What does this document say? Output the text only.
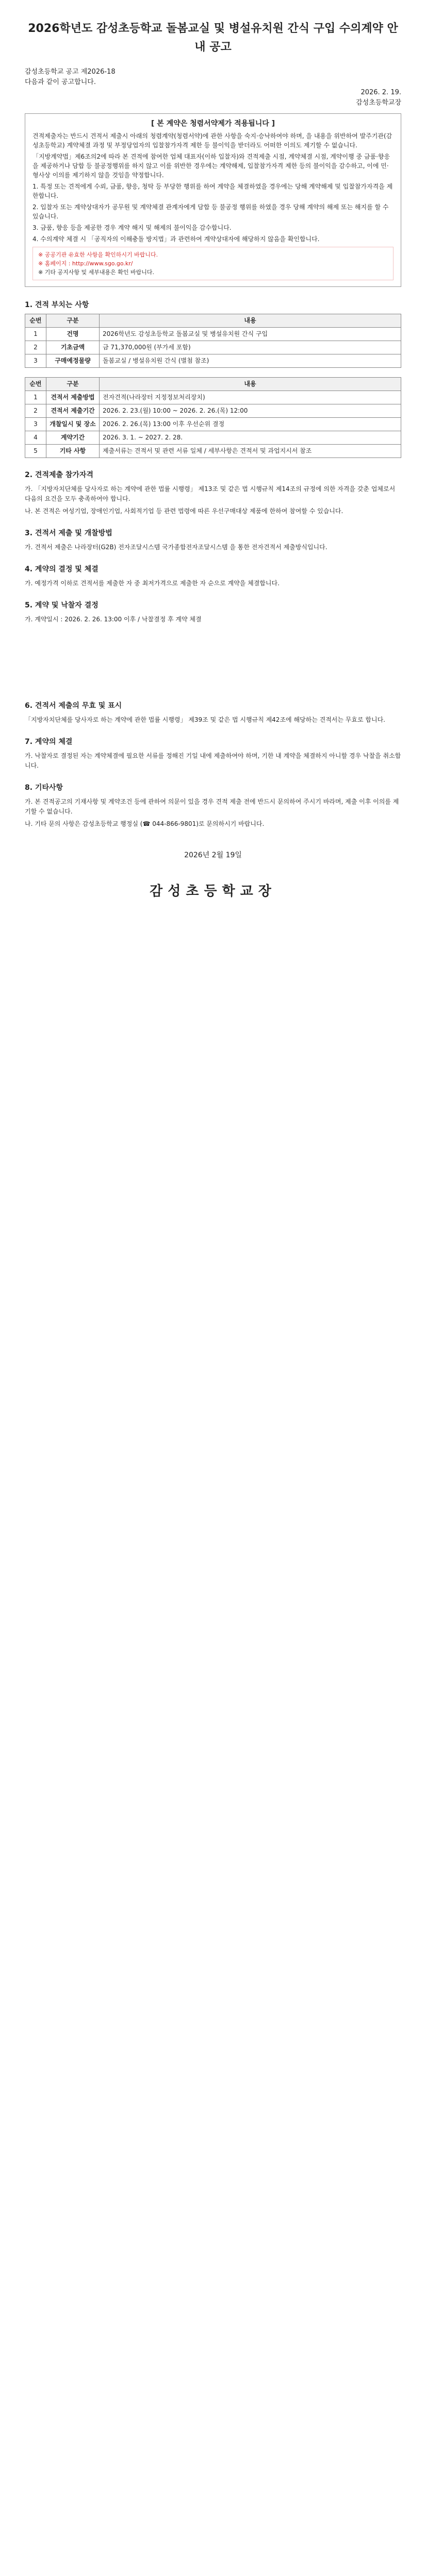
2026학년도 감성초등학교 돌봄교실 및 병설유치원 간식 구입 수의계약 안내 공고
감성초등학교 공고 제2026-18
다음과 같이 공고합니다.
2026. 2. 19.
감성초등학교장
[ 본 계약은 청렴서약제가 적용됩니다 ]

견적제출자는 반드시 견적서 제출시 아래의 청렴계약(청렴서약)에 관한 사항을 숙지·승낙하여야 하며, 을 내용을 위반하여 발주기관(감성초등학교) 계약체결 과정 및 부정당업자의 입찰참가자격 제한 등 불이익을 받더라도 어떠한 이의도 제기할 수 없습니다.

「지방계약법」제6조의2에 따라 본 견적에 참여한 업체 대표자(이하 입찰자)와 견적제출 시점, 계약체결 시점, 계약이행 중 금품·향응을 제공하거나 담합 등 불공정행위를 하지 않고 이를 위반한 경우에는 계약해제, 입찰참가자격 제한 등의 불이익을 감수하고, 이에 민·형사상 이의를 제기하지 않을 것임을 약정합니다.

1. 특정 또는 견적에게 수뢰, 금품, 향응, 청탁 등 부당한 행위를 하여 계약을 체결하였을 경우에는 당해 계약해제 및 입찰참가자격을 제한합니다.

2. 입찰자 또는 계약상대자가 공무원 및 계약체결 관계자에게 담합 등 불공정 행위를 하였을 경우 당해 계약의 해제 또는 해지를 할 수 있습니다.

3. 금품, 향응 등을 제공한 경우 계약 해지 및 해제의 불이익을 감수합니다.

4. 수의계약 체결 시 「공직자의 이해충돌 방지법」과 관련하여 계약상대자에 해당하지 않음을 확인합니다.

※ 공공기관 유효한 사항을 확인하시기 바랍니다.
※ 홈페이지 : http://www.sgo.go.kr/
※ 기타 공지사항 및 세부내용은 확인 바랍니다.
1. 견적 부치는 사항
순번	구분	내용
1	건명	2026학년도 감성초등학교 돌봄교실 및 병설유치원 간식 구입
2	기초금액	금 71,370,000원 (부가세 포함)
3	구매예정물량	돌봄교실 / 병설유치원 간식 (별첨 참조)
순번	구분	내용
1	견적서 제출방법	전자견적(나라장터 지정정보처리장치)
2	견적서 제출기간	2026. 2. 23.(월) 10:00 ~ 2026. 2. 26.(목) 12:00
3	개찰일시 및 장소	2026. 2. 26.(목) 13:00 이후 우선순위 결정
4	계약기간	2026. 3. 1. ~ 2027. 2. 28.
5	기타 사항	제출서류는 견적서 및 관련 서류 일체 / 세부사항은 견적서 및 과업지시서 참조
2. 견적제출 참가자격

가. 「지방자치단체를 당사자로 하는 계약에 관한 법률 시행령」 제13조 및 같은 법 시행규칙 제14조의 규정에 의한 자격을 갖춘 업체로서 다음의 요건을 모두 충족하여야 합니다.

나. 본 견적은 여성기업, 장애인기업, 사회적기업 등 관련 법령에 따른 우선구매대상 제품에 한하여 참여할 수 있습니다.

3. 견적서 제출 및 개찰방법

가. 견적서 제출은 나라장터(G2B) 전자조달시스템 국가종합전자조달시스템 을 통한 전자견적서 제출방식입니다.

4. 계약의 결정 및 체결

가. 예정가격 이하로 견적서를 제출한 자 중 최저가격으로 제출한 자 순으로 계약을 체결합니다.

5. 계약 및 낙찰자 결정

가. 계약일시 : 2026. 2. 26. 13:00 이후 / 낙찰결정 후 계약 체결

6. 견적서 제출의 무효 및 표시

「지방자치단체를 당사자로 하는 계약에 관한 법률 시행령」 제39조 및 같은 법 시행규칙 제42조에 해당하는 견적서는 무효로 합니다.

7. 계약의 체결

가. 낙찰자로 결정된 자는 계약체결에 필요한 서류를 정해진 기일 내에 제출하여야 하며, 기한 내 계약을 체결하지 아니할 경우 낙찰을 취소합니다.

8. 기타사항

가. 본 견적공고의 기재사항 및 계약조건 등에 관하여 의문이 있을 경우 견적 제출 전에 반드시 문의하여 주시기 바라며, 제출 이후 이의를 제기할 수 없습니다.

나. 기타 문의 사항은 감성초등학교 행정실 (☎ 044-866-9801)로 문의하시기 바랍니다.

2026년 2월 19일
감성초등학교장
